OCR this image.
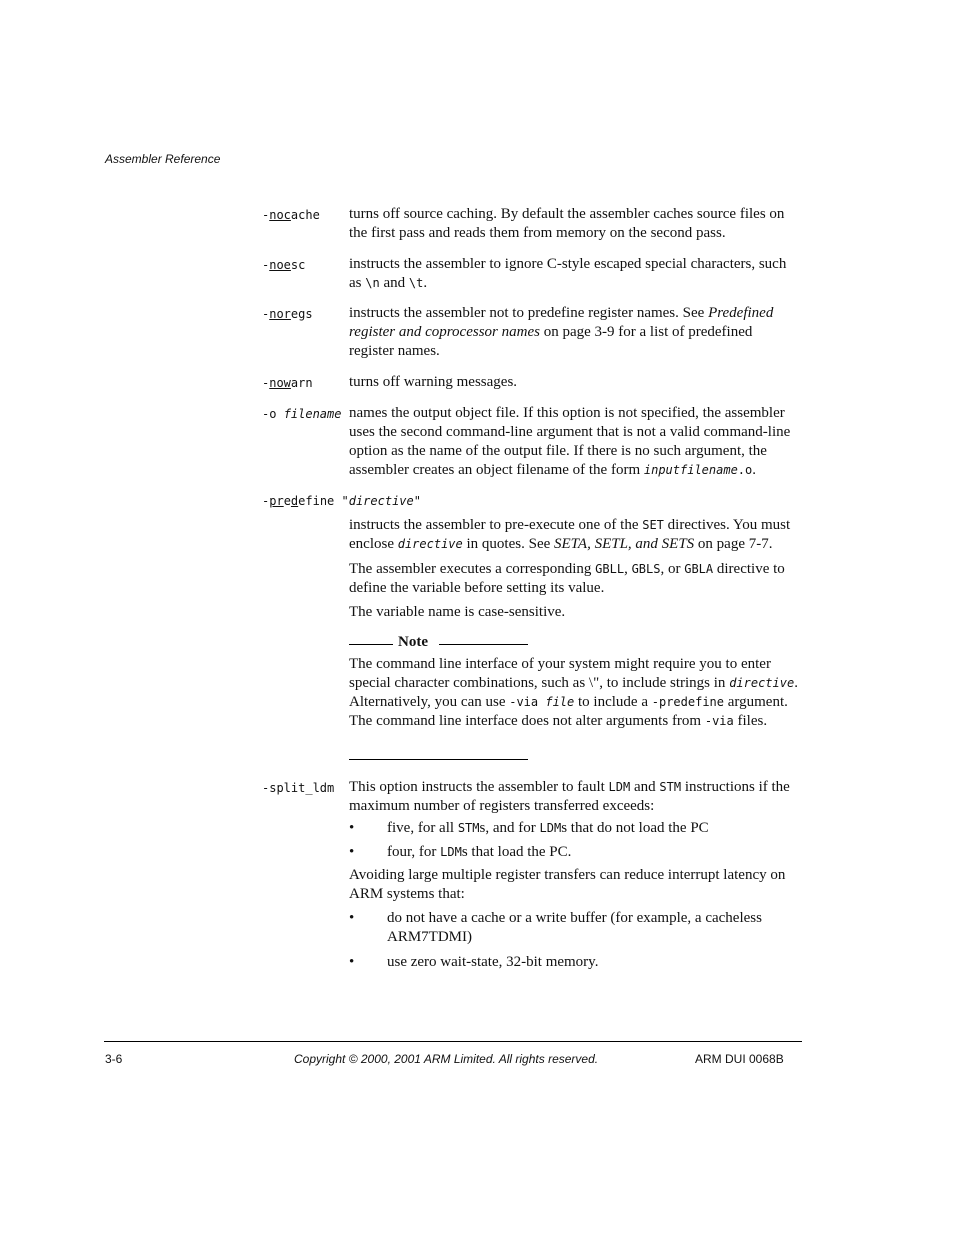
Assembler Reference
-nocache turns off source caching. By default the assembler caches source files on the first pass and reads them from memory on the second pass.
-noesc	instructs the assembler to ignore C-style escaped special characters, such as \n and \t.
-noregs instructs the assembler not to predefine register names. See Predefined register and coprocessor names on page 3-9 for a list of predefined register names.
-nowarn turns off warning messages.
-o filename names the output object file. If this option is not specified, the assembler uses the second command-line argument that is not a valid command-line option as the name of the output file. If there is no such argument, the assembler creates an object filename of the form inputfilename.o.
-predefine "directive"
instructs the assembler to pre-execute one of the SET directives. You must enclose directive in quotes. See SETA, SETL, and SETS on page 7-7.
The assembler executes a corresponding GBLL, GBLS, or GBLA directive to define the variable before setting its value.
The variable name is case-sensitive.
Note
The command line interface of your system might require you to enter special character combinations, such as \", to include strings in directive. Alternatively, you can use -via file to include a -predefine argument. The command line interface does not alter arguments from -via files.
-split_ldm This option instructs the assembler to fault LDM and STM instructions if the maximum number of registers transferred exceeds:
• five, for all STMs, and for LDMs that do not load the PC
• four, for LDMs that load the PC.
Avoiding large multiple register transfers can reduce interrupt latency on ARM systems that:
• do not have a cache or a write buffer (for example, a cacheless ARM7TDMI)
• use zero wait-state, 32-bit memory.
3-6	Copyright © 2000, 2001 ARM Limited. All rights reserved.	ARM DUI 0068B
